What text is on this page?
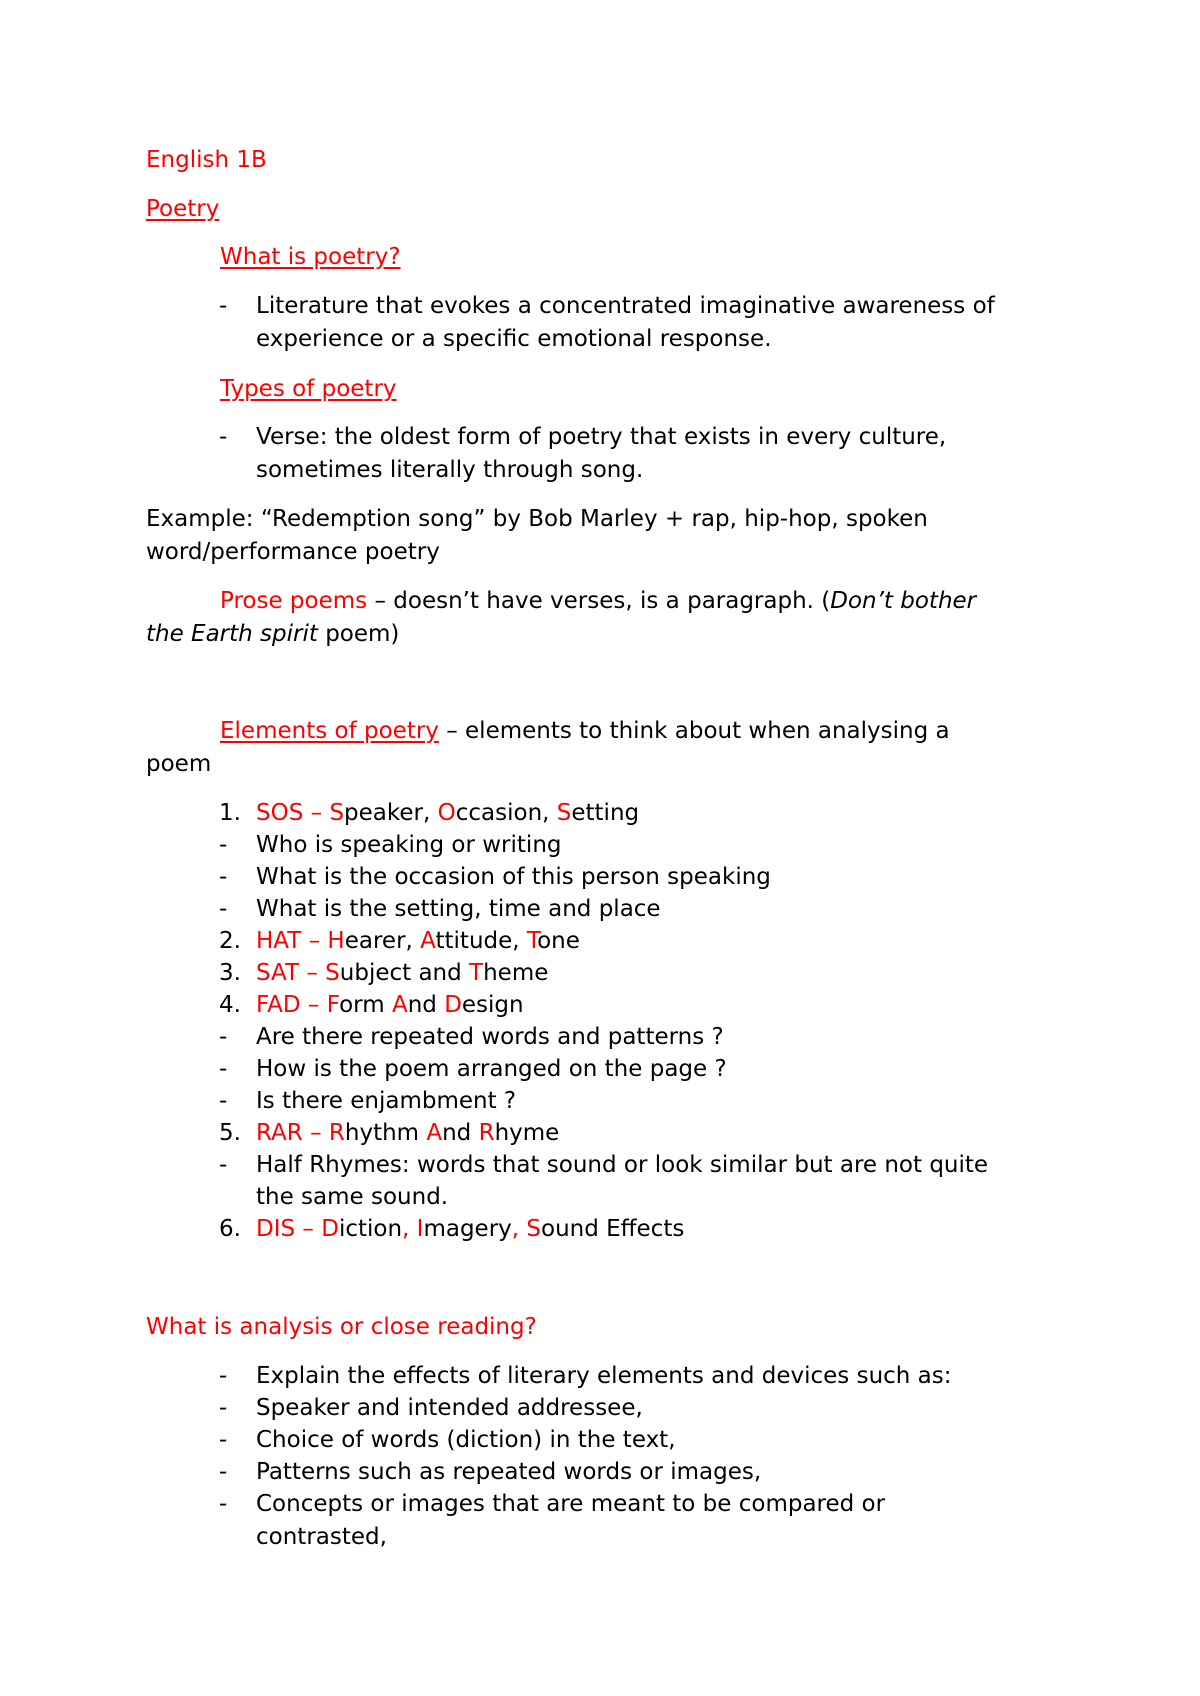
English 1B
Poetry
What is poetry?
- Literature that evokes a concentrated imaginative awareness of
experience or a specific emotional response.
Types of poetry
- Verse: the oldest form of poetry that exists in every culture,
sometimes literally through song.
Example: “Redemption song” by Bob Marley + rap, hip-hop, spoken
word/performance poetry
Prose poems – doesn’t have verses, is a paragraph. (Don’t bother
the Earth spirit poem)
Elements of poetry – elements to think about when analysing a
poem
1. SOS – Speaker, Occasion, Setting
- Who is speaking or writing
- What is the occasion of this person speaking
- What is the setting, time and place
2. HAT – Hearer, Attitude, Tone
3. SAT – Subject and Theme
4. FAD – Form And Design
- Are there repeated words and patterns ?
- How is the poem arranged on the page ?
- Is there enjambment ?
5. RAR – Rhythm And Rhyme
- Half Rhymes: words that sound or look similar but are not quite
the same sound.
6. DIS – Diction, Imagery, Sound Effects
What is analysis or close reading?
- Explain the effects of literary elements and devices such as:
- Speaker and intended addressee,
- Choice of words (diction) in the text,
- Patterns such as repeated words or images,
- Concepts or images that are meant to be compared or
contrasted,
